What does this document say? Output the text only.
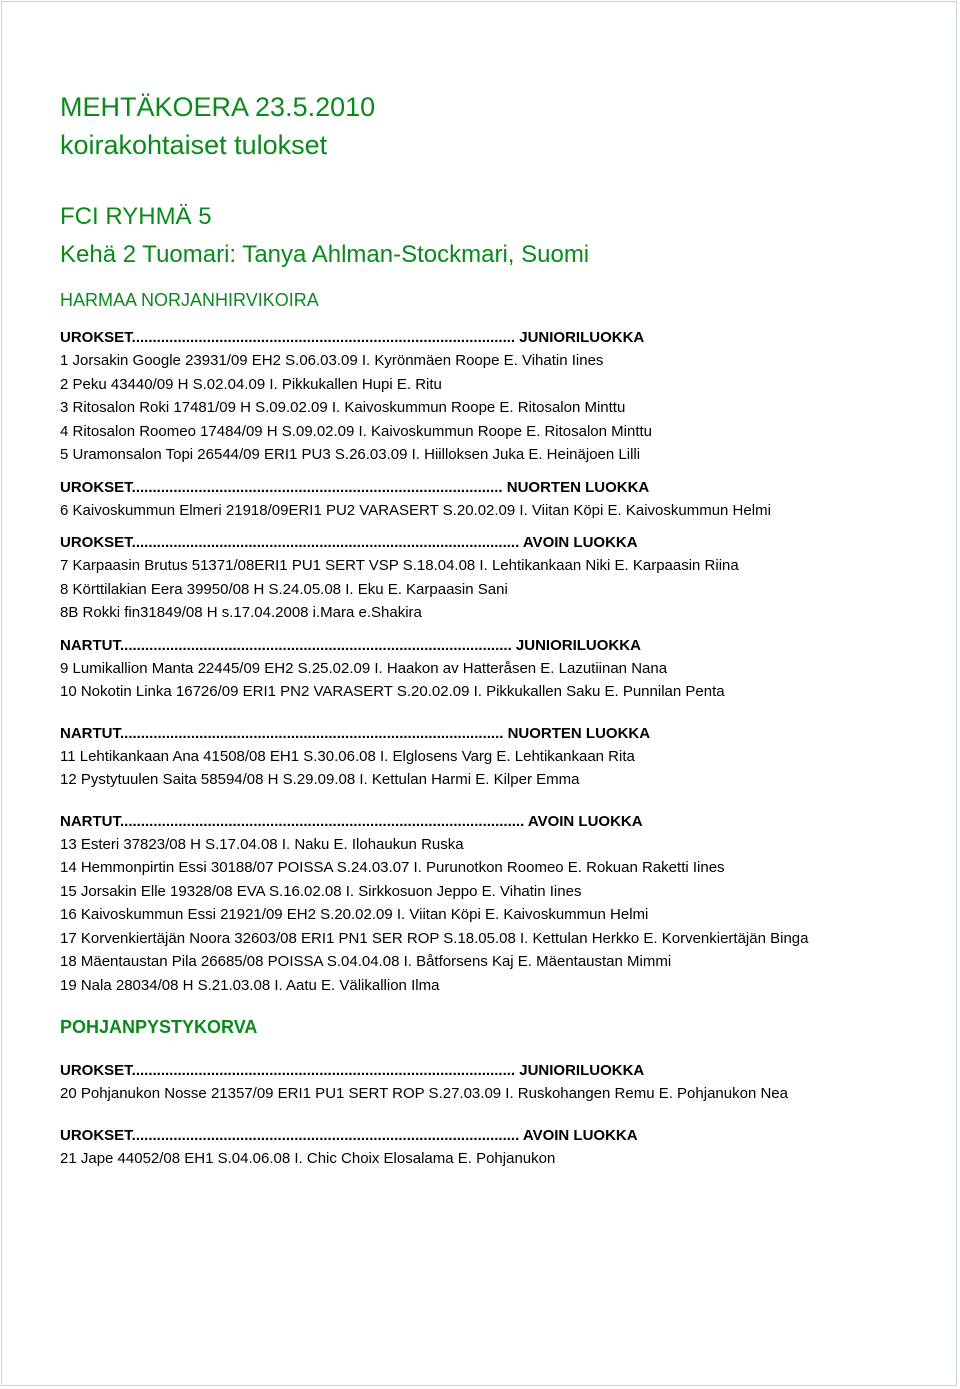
MEHTÄKOERA 23.5.2010
koirakohtaiset tulokset
FCI RYHMÄ 5
Kehä 2 Tuomari: Tanya Ahlman-Stockmari, Suomi
HARMAA NORJANHIRVIKOIRA

UROKSET............................................................................................ JUNIORILUOKKA

1 Jorsakin Google 23931/09 EH2 S.06.03.09 I. Kyrönmäen Roope E. Vihatin Iines

2 Peku 43440/09 H S.02.04.09 I. Pikkukallen Hupi E. Ritu

3 Ritosalon Roki 17481/09 H S.09.02.09 I. Kaivoskummun Roope E. Ritosalon Minttu

4 Ritosalon Roomeo 17484/09 H S.09.02.09 I. Kaivoskummun Roope E. Ritosalon Minttu

5 Uramonsalon Topi 26544/09 ERI1 PU3 S.26.03.09 I. Hiilloksen Juka E. Heinäjoen Lilli

UROKSET......................................................................................... NUORTEN LUOKKA

6 Kaivoskummun Elmeri 21918/09ERI1 PU2 VARASERT S.20.02.09 I. Viitan Köpi E. Kaivoskummun Helmi

UROKSET............................................................................................. AVOIN LUOKKA

7 Karpaasin Brutus 51371/08ERI1 PU1 SERT VSP S.18.04.08 I. Lehtikankaan Niki E. Karpaasin Riina

8 Körttilakian Eera 39950/08 H S.24.05.08 I. Eku E. Karpaasin Sani

8B Rokki fin31849/08 H s.17.04.2008 i.Mara e.Shakira

NARTUT.............................................................................................. JUNIORILUOKKA

9 Lumikallion Manta 22445/09 EH2 S.25.02.09 I. Haakon av Hatteråsen E. Lazutiinan Nana

10 Nokotin Linka 16726/09 ERI1 PN2 VARASERT S.20.02.09 I. Pikkukallen Saku E. Punnilan Penta

NARTUT............................................................................................ NUORTEN LUOKKA

11 Lehtikankaan Ana 41508/08 EH1 S.30.06.08 I. Elglosens Varg E. Lehtikankaan Rita

12 Pystytuulen Saita 58594/08 H S.29.09.08 I. Kettulan Harmi E. Kilper Emma

NARTUT................................................................................................. AVOIN LUOKKA

13 Esteri 37823/08 H S.17.04.08 I. Naku E. Ilohaukun Ruska

14 Hemmonpirtin Essi 30188/07 POISSA S.24.03.07 I. Purunotkon Roomeo E. Rokuan Raketti Iines

15 Jorsakin Elle 19328/08 EVA S.16.02.08 I. Sirkkosuon Jeppo E. Vihatin Iines

16 Kaivoskummun Essi 21921/09 EH2 S.20.02.09 I. Viitan Köpi E. Kaivoskummun Helmi

17 Korvenkiertäjän Noora 32603/08 ERI1 PN1 SER ROP S.18.05.08 I. Kettulan Herkko E. Korvenkiertäjän Binga

18 Mäentaustan Pila 26685/08 POISSA S.04.04.08 I. Båtforsens Kaj E. Mäentaustan Mimmi

19 Nala 28034/08 H S.21.03.08 I. Aatu E. Välikallion Ilma

POHJANPYSTYKORVA

UROKSET............................................................................................ JUNIORILUOKKA

20 Pohjanukon Nosse 21357/09 ERI1 PU1 SERT ROP S.27.03.09 I. Ruskohangen Remu E. Pohjanukon Nea

UROKSET............................................................................................. AVOIN LUOKKA

21 Jape 44052/08 EH1 S.04.06.08 I. Chic Choix Elosalama E. Pohjanukon
